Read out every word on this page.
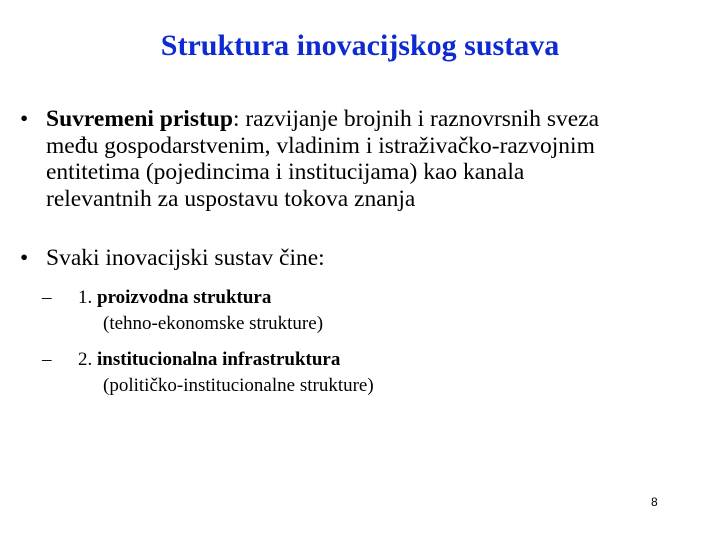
Struktura inovacijskog sustava
• Suvremeni pristup: razvijanje brojnih i raznovrsnih sveza
među gospodarstvenim, vladinim i istraživačko-razvojnim
entitetima (pojedincima i institucijama) kao kanala
relevantnih za uspostavu tokova znanja
• Svaki inovacijski sustav čine:
– 1. proizvodna struktura
(tehno-ekonomske strukture)
– 2. institucionalna infrastruktura
(političko-institucionalne strukture)
8
